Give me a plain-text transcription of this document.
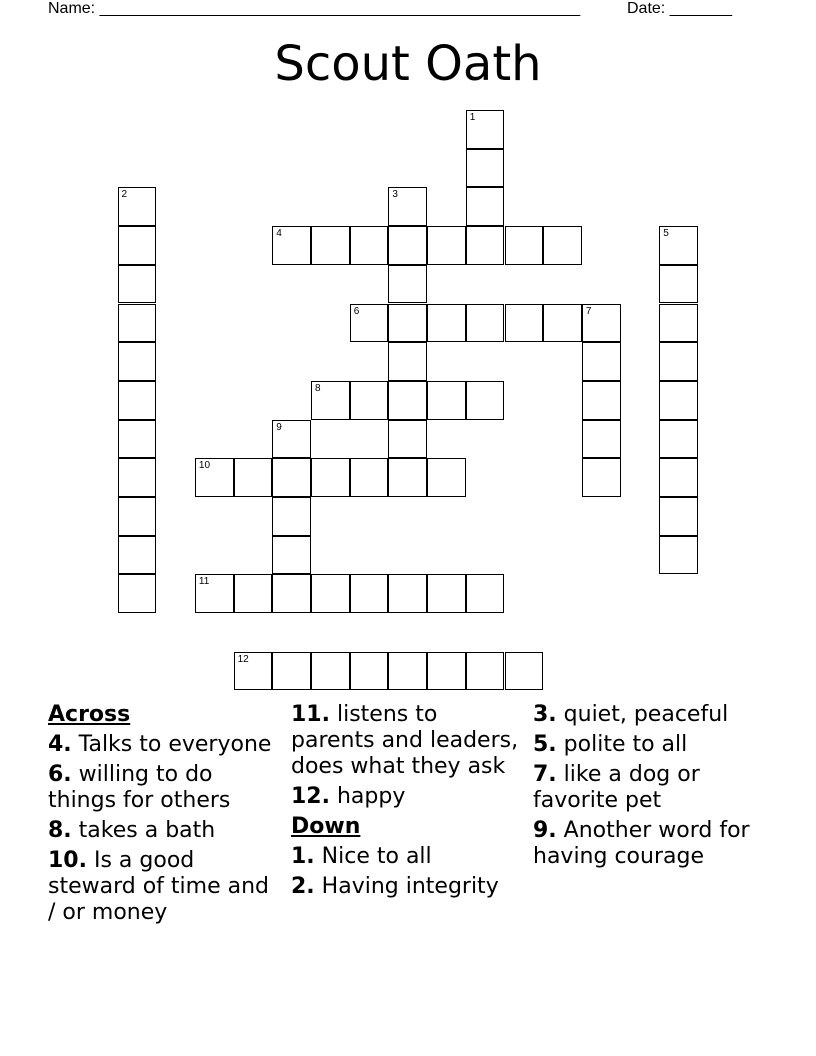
Name: ______________________________________________________	Date: _______
Scout Oath
1
2	3
4	5
6	7
8
9
10
11
12
Across
4. Talks to everyone
6. willing to do things for others
8. takes a bath
10. Is a good steward of time and / or money
11. listens to parents and leaders, does what they ask
12. happy
Down
1. Nice to all
2. Having integrity
3. quiet, peaceful
5. polite to all
7. like a dog or favorite pet
9. Another word for having courage
